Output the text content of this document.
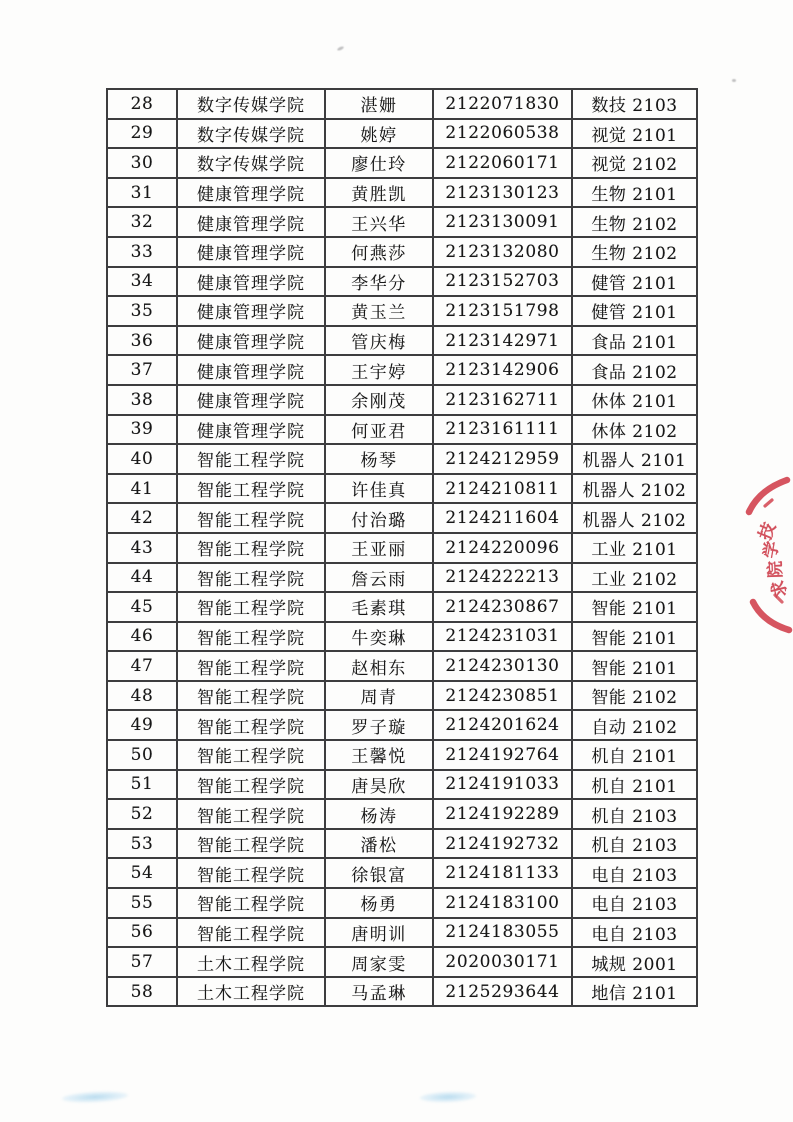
28	数字传媒学院	湛姗	2122071830	数技 2103
29	数字传媒学院	姚婷	2122060538	视觉 2101
30	数字传媒学院	廖仕玲	2122060171	视觉 2102
31	健康管理学院	黄胜凯	2123130123	生物 2101
32	健康管理学院	王兴华	2123130091	生物 2102
33	健康管理学院	何燕莎	2123132080	生物 2102
34	健康管理学院	李华分	2123152703	健管 2101
35	健康管理学院	黄玉兰	2123151798	健管 2101
36	健康管理学院	管庆梅	2123142971	食品 2101
37	健康管理学院	王宇婷	2123142906	食品 2102
38	健康管理学院	余刚茂	2123162711	休体 2101
39	健康管理学院	何亚君	2123161111	休体 2102
40	智能工程学院	杨琴	2124212959	机器人 2101
41	智能工程学院	许佳真	2124210811	机器人 2102
42	智能工程学院	付治璐	2124211604	机器人 2102
43	智能工程学院	王亚丽	2124220096	工业 2101
44	智能工程学院	詹云雨	2124222213	工业 2102
45	智能工程学院	毛素琪	2124230867	智能 2101
46	智能工程学院	牛奕琳	2124231031	智能 2101
47	智能工程学院	赵相东	2124230130	智能 2101
48	智能工程学院	周青	2124230851	智能 2102
49	智能工程学院	罗子璇	2124201624	自动 2102
50	智能工程学院	王馨悦	2124192764	机自 2101
51	智能工程学院	唐昊欣	2124191033	机自 2101
52	智能工程学院	杨涛	2124192289	机自 2103
53	智能工程学院	潘松	2124192732	机自 2103
54	智能工程学院	徐银富	2124181133	电自 2103
55	智能工程学院	杨勇	2124183100	电自 2103
56	智能工程学院	唐明训	2124183055	电自 2103
57	土木工程学院	周家雯	2020030171	城规 2001
58	土木工程学院	马孟琳	2125293644	地信 2101
技
学
院
求
